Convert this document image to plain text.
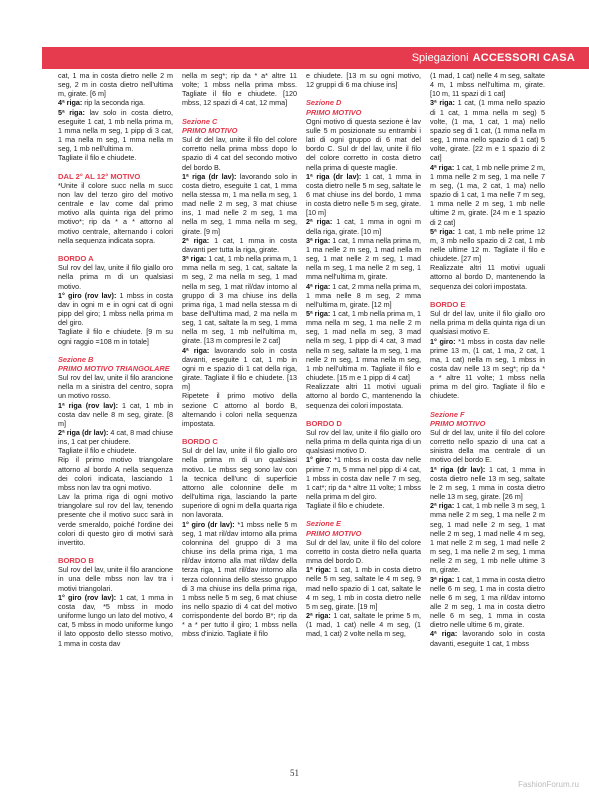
Spiegazioni ACCESSORI CASA

cat, 1 ma in costa dietro nelle 2 m seg, 2 m in costa dietro nell'ultima m, girate. [6 m]

4ª riga: rip la seconda riga.

5ª riga: lav solo in costa dietro, eseguite 1 cat, 1 mb nella prima m, 1 mma nella m seg, 1 pipp di 3 cat, 1 ma nella m seg, 1 mma nella m seg, 1 mb nell'ultima m.

Tagliate il filo e chiudete.

DAL 2° AL 12° MOTIVO

*Unite il colore succ nella m succ non lav del terzo giro del motivo centrale e lav come dal primo motivo alla quinta riga del primo motivo*; rip da * a * attorno al motivo centrale, alternando i colori nella sequenza indicata sopra.

BORDO A

Sul rov del lav, unite il filo giallo oro nella prima m di un qualsiasi motivo.

1° giro (rov lav): 1 mbss in costa dav in ogni m e in ogni cat di ogni pipp del giro; 1 mbss nella prima m del giro.

Tagliate il filo e chiudete. [9 m su ogni raggio =108 m in totale]

Sezione B

PRIMO MOTIVO TRIANGOLARE

Sul rov del lav, unite il filo arancione nella m a sinistra del centro, sopra un motivo rosso.

1ª riga (rov lav): 1 cat, 1 mb in costa dav nelle 8 m seg, girate. [8 m]

2ª riga (dr lav): 4 cat, 8 mad chiuse ins, 1 cat per chiudere.

Tagliate il filo e chiudete.

Rip il primo motivo triangolare attorno al bordo A nella sequenza dei colori indicata, lasciando 1 mbss non lav tra ogni motivo.

Lav la prima riga di ogni motivo triangolare sul rov del lav, tenendo presente che il motivo succ sarà in verde smeraldo, poiché l'ordine dei colori di questo giro di motivi sarà invertito.

BORDO B

Sul rov del lav, unite il filo arancione in una delle mbss non lav tra i motivi triangolari.

1° giro (rov lav): 1 cat, 1 mma in costa dav, *5 mbss in modo uniforme lungo un lato del motivo, 4 cat, 5 mbss in modo uniforme lungo il lato opposto dello stesso motivo, 1 mma in costa dav

nella m seg*; rip da * a* altre 11 volte; 1 mbss nella prima mbss. Tagliate il filo e chiudete. [120 mbss, 12 spazi di 4 cat, 12 mma]

Sezione C

PRIMO MOTIVO

Sul dr del lav, unite il filo del colore corretto nella prima mbss dopo lo spazio di 4 cat del secondo motivo del bordo B.

1ª riga (dr lav): lavorando solo in costa dietro, eseguite 1 cat, 1 mma nella stessa m, 1 ma nella m seg, 1 mad nelle 2 m seg, 3 mat chiuse ins, 1 mad nelle 2 m seg, 1 ma nella m seg, 1 mma nella m seg, girate. [9 m]

2ª riga: 1 cat, 1 mma in costa davanti per tutta la riga, girate.

3ª riga: 1 cat, 1 mb nella prima m, 1 mma nella m seg, 1 cat, saltate la m seg, 2 ma nella m seg, 1 mad nella m seg, 1 mat ril/dav intorno al gruppo di 3 ma chiuse ins della prima riga, 1 mad nella stessa m di base dell'ultima mad, 2 ma nella m seg, 1 cat, saltate la m seg, 1 mma nella m seg, 1 mb nell'ultima m, girate. [13 m compresi le 2 cat]

4ª riga: lavorando solo in costa davanti, eseguite 1 cat, 1 mb in ogni m e spazio di 1 cat della riga, girate. Tagliate il filo e chiudete. [13 m]

Ripetete il primo motivo della sezione C attorno al bordo B, alternando i colori nella sequenza impostata.

BORDO C

Sul dr del lav, unite il filo giallo oro nella prima m di un qualsiasi motivo. Le mbss seg sono lav con la tecnica dell'unc di superficie attorno alle colonnine delle m dell'ultima riga, lasciando la parte superiore di ogni m della quarta riga non lavorata.

1° giro (dr lav): *1 mbss nelle 5 m seg, 1 mat ril/dav intorno alla prima colonnina del gruppo di 3 ma chiuse ins della prima riga, 1 ma ril/dav intorno alla mat ril/dav della terza riga, 1 mat ril/dav intorno alla terza colonnina dello stesso gruppo di 3 ma chiuse ins della prima riga, 1 mbss nelle 5 m seg, 6 mat chiuse ins nello spazio di 4 cat del motivo corrispondente del bordo B*; rip da * a * per tutto il giro; 1 mbss nella mbss d'inizio. Tagliate il filo

e chiudete. [13 m su ogni motivo, 12 gruppi di 6 ma chiuse ins]

Sezione D

PRIMO MOTIVO

Ogni motivo di questa sezione è lav sulle 5 m posizionate su entrambi i lati di ogni gruppo di 6 mat del bordo C. Sul dr del lav, unite il filo del colore corretto in costa dietro nella prima di queste maglie.

1ª riga (dr lav): 1 cat, 1 mma in costa dietro nelle 5 m seg, saltate le 6 mat chiuse ins del bordo, 1 mma in costa dietro nelle 5 m seg, girate. [10 m]

2ª riga: 1 cat, 1 mma in ogni m della riga, girate. [10 m]

3ª riga: 1 cat, 1 mma nella prima m, 1 ma nelle 2 m seg, 1 mad nella m seg, 1 mat nelle 2 m seg, 1 mad nella m seg, 1 ma nelle 2 m seg, 1 mma nell'ultima m, girate.

4ª riga: 1 cat, 2 mma nella prima m, 1 mma nelle 8 m seg, 2 mma nell'ultima m, girate. [12 m]

5ª riga: 1 cat, 1 mb nella prima m, 1 mma nella m seg, 1 ma nelle 2 m seg, 1 mad nella m seg, 3 mad nella m seg, 1 pipp di 4 cat, 3 mad nella m seg, saltate la m seg, 1 ma nelle 2 m seg, 1 mma nella m seg, 1 mb nell'ultima m. Tagliate il filo e chiudete. [15 m e 1 pipp di 4 cat]

Realizzate altri 11 motivi uguali attorno al bordo C, mantenendo la sequenza dei colori impostata.

BORDO D

Sul rov del lav, unite il filo giallo oro nella prima m della quinta riga di un qualsiasi motivo D.

1° giro: *1 mbss in costa dav nelle prime 7 m, 5 mma nel pipp di 4 cat, 1 mbss in costa dav nelle 7 m seg, 1 cat*; rip da * altre 11 volte; 1 mbss nella prima m del giro.

Tagliate il filo e chiudete.

Sezione E

PRIMO MOTIVO

Sul dr del lav, unite il filo del colore corretto in costa dietro nella quarta mma del bordo D.

1ª riga: 1 cat, 1 mb in costa dietro nelle 5 m seg, saltate le 4 m seg, 9 mad nello spazio di 1 cat, saltate le 4 m seg, 1 mb in costa dietro nelle 5 m seg, girate. [19 m]

2ª riga: 1 cat, saltate le prime 5 m, (1 mad, 1 cat) nelle 4 m seg, (1 mad, 1 cat) 2 volte nella m seg,

(1 mad, 1 cat) nelle 4 m seg, saltate 4 m, 1 mbss nell'ultima m, girate. [10 m, 11 spazi di 1 cat]

3ª riga: 1 cat, (1 mma nello spazio di 1 cat, 1 mma nella m seg) 5 volte, (1 ma, 1 cat, 1 ma) nello spazio seg di 1 cat, (1 mma nella m seg, 1 mma nello spazio di 1 cat) 5 volte, girate. [22 m e 1 spazio di 2 cat]

4ª riga: 1 cat, 1 mb nelle prime 2 m, 1 mma nelle 2 m seg, 1 ma nelle 7 m seg, (1 ma, 2 cat, 1 ma) nello spazio di 1 cat, 1 ma nelle 7 m seg, 1 mma nelle 2 m seg, 1 mb nelle ultime 2 m, girate. [24 m e 1 spazio di 2 cat]

5ª riga: 1 cat, 1 mb nelle prime 12 m, 3 mb nello spazio di 2 cat, 1 mb nelle ultime 12 m. Tagliate il filo e chiudete. [27 m]

Realizzate altri 11 motivi uguali attorno al bordo D, mantenendo la sequenza dei colori impostata.

BORDO E

Sul dr del lav, unite il filo giallo oro nella prima m della quinta riga di un qualsiasi motivo E.

1° giro: *1 mbss in costa dav nelle prime 13 m, (1 cat, 1 ma, 2 cat, 1 ma, 1 cat) nella m seg, 1 mbss in costa dav nelle 13 m seg*; rip da * a * altre 11 volte; 1 mbss nella prima m del giro. Tagliate il filo e chiudete.

Sezione F

PRIMO MOTIVO

Sul dr del lav, unite il filo del colore corretto nello spazio di una cat a sinistra della ma centrale di un motivo del bordo E.

1ª riga (dr lav): 1 cat, 1 mma in costa dietro nelle 13 m seg, saltate le 2 m seg, 1 mma in costa dietro nelle 13 m seg, girate. [26 m]

2ª riga: 1 cat, 1 mb nelle 3 m seg, 1 mma nelle 2 m seg, 1 ma nelle 2 m seg, 1 mad nelle 2 m seg, 1 mat nelle 2 m seg, 1 mad nelle 4 m seg, 1 mat nelle 2 m seg, 1 mad nelle 2 m seg, 1 ma nelle 2 m seg, 1 mma nelle 2 m seg, 1 mb nelle ultime 3 m, girate.

3ª riga: 1 cat, 1 mma in costa dietro nelle 6 m seg, 1 ma in costa dietro nelle 6 m seg, 1 ma ril/dav intorno alle 2 m seg, 1 ma in costa dietro nelle 6 m seg, 1 mma in costa dietro nelle ultime 6 m, girate.

4ª riga: lavorando solo in costa davanti, eseguite 1 cat, 1 mbss

51
FashionForum.ru
